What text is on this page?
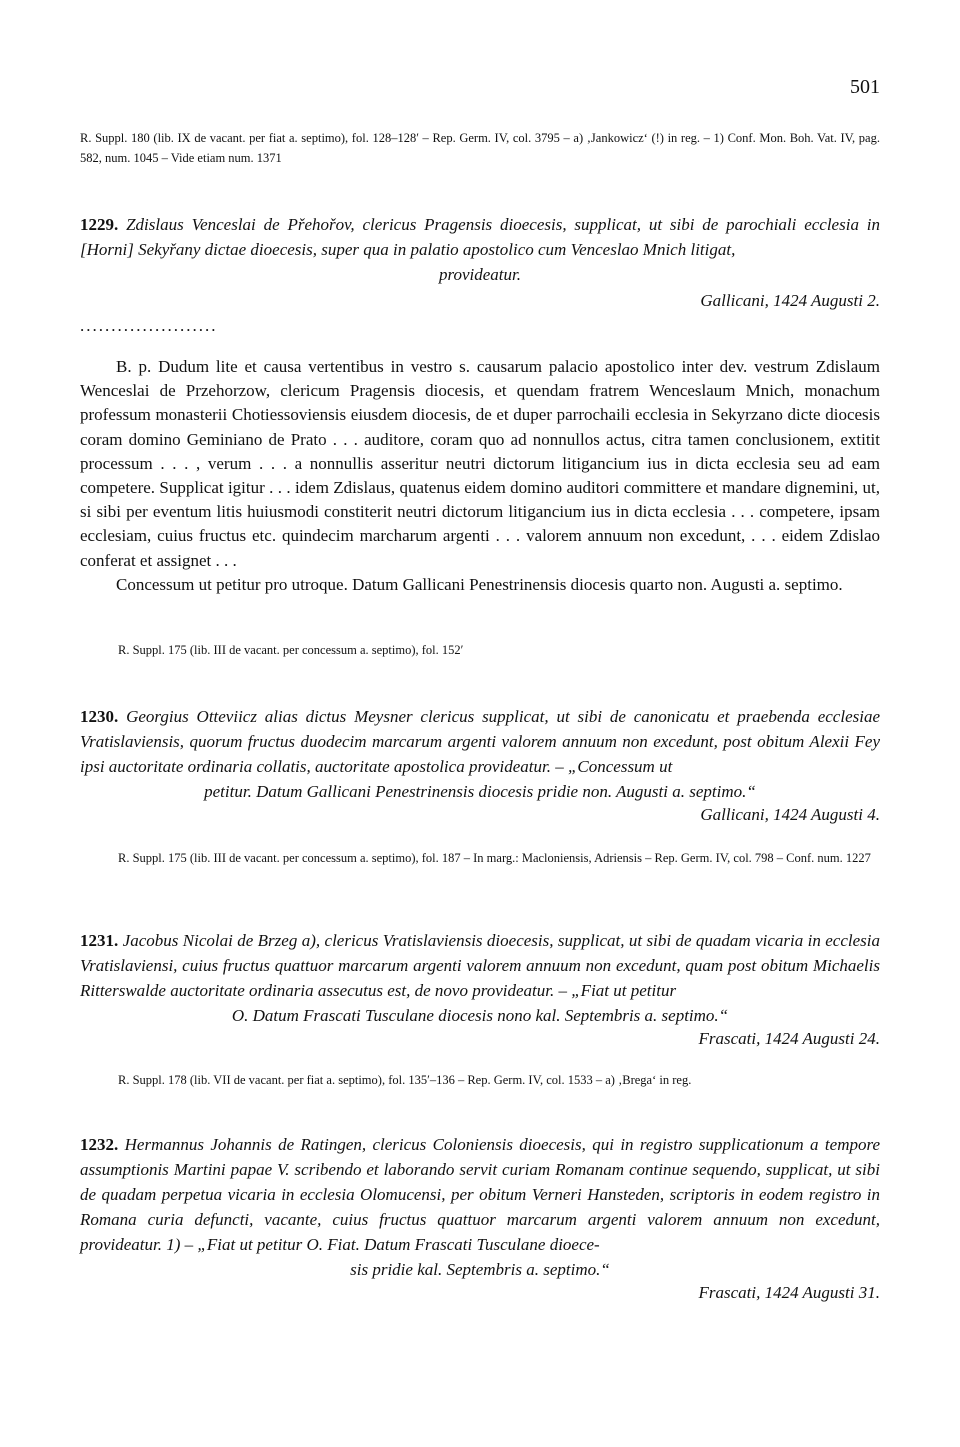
501
R. Suppl. 180 (lib. IX de vacant. per fiat a. septimo), fol. 128–128′ – Rep. Germ. IV, col. 3795 – a) ‚Jankowicz‘ (!) in reg. – 1) Conf. Mon. Boh. Vat. IV, pag. 582, num. 1045 – Vide etiam num. 1371
1229. Zdislaus Venceslai de Přehořov, clericus Pragensis dioecesis, supplicat, ut sibi de parochiali ecclesia in [Horni] Sekyřany dictae dioecesis, super qua in palatio apostolico cum Venceslao Mnich litigat,
provideatur.
Gallicani, 1424 Augusti 2.
......................

B. p. Dudum lite et causa vertentibus in vestro s. causarum palacio apostolico inter dev. vestrum Zdislaum Wenceslai de Przehorzow, clericum Pragensis diocesis, et quendam fratrem Wenceslaum Mnich, monachum professum monasterii Chotiessoviensis eiusdem diocesis, de et duper parrochaili ecclesia in Sekyrzano dicte diocesis coram domino Geminiano de Prato . . . auditore, coram quo ad nonnullos actus, citra tamen conclusionem, extitit processum . . . , verum . . . a nonnullis asseritur neutri dictorum litigancium ius in dicta ecclesia seu ad eam competere. Supplicat igitur . . . idem Zdislaus, quatenus eidem domino auditori committere et mandare dignemini, ut, si sibi per eventum litis huiusmodi constiterit neutri dictorum litigancium ius in dicta ecclesia . . . competere, ipsam ecclesiam, cuius fructus etc. quindecim marcharum argenti . . . valorem annuum non excedunt, . . . eidem Zdislao conferat et assignet . . .

Concessum ut petitur pro utroque. Datum Gallicani Penestrinensis diocesis quarto non. Augusti a. septimo.

R. Suppl. 175 (lib. III de vacant. per concessum a. septimo), fol. 152′
1230. Georgius Otteviicz alias dictus Meysner clericus supplicat, ut sibi de canonicatu et praebenda ecclesiae Vratislaviensis, quorum fructus duodecim marcarum argenti valorem annuum non excedunt, post obitum Alexii Fey ipsi auctoritate ordinaria collatis, auctoritate apostolica provideatur. – „Concessum ut
petitur. Datum Gallicani Penestrinensis diocesis pridie non. Augusti a. septimo.“
Gallicani, 1424 Augusti 4.
R. Suppl. 175 (lib. III de vacant. per concessum a. septimo), fol. 187 – In marg.: Macloniensis, Adriensis – Rep. Germ. IV, col. 798 – Conf. num. 1227
1231. Jacobus Nicolai de Brzeg a), clericus Vratislaviensis dioecesis, supplicat, ut sibi de quadam vicaria in ecclesia Vratislaviensi, cuius fructus quattuor marcarum argenti valorem annuum non excedunt, quam post obitum Michaelis Ritterswalde auctoritate ordinaria assecutus est, de novo provideatur. – „Fiat ut petitur
O. Datum Frascati Tusculane diocesis nono kal. Septembris a. septimo.“
Frascati, 1424 Augusti 24.
R. Suppl. 178 (lib. VII de vacant. per fiat a. septimo), fol. 135′–136 – Rep. Germ. IV, col. 1533 – a) ‚Brega‘ in reg.
1232. Hermannus Johannis de Ratingen, clericus Coloniensis dioecesis, qui in registro supplicationum a tempore assumptionis Martini papae V. scribendo et laborando servit curiam Romanam continue sequendo, supplicat, ut sibi de quadam perpetua vicaria in ecclesia Olomucensi, per obitum Verneri Hansteden, scriptoris in eodem registro in Romana curia defuncti, vacante, cuius fructus quattuor marcarum argenti valorem annuum non excedunt, provideatur. 1) – „Fiat ut petitur O. Fiat. Datum Frascati Tusculane dioece-
sis pridie kal. Septembris a. septimo.“
Frascati, 1424 Augusti 31.
